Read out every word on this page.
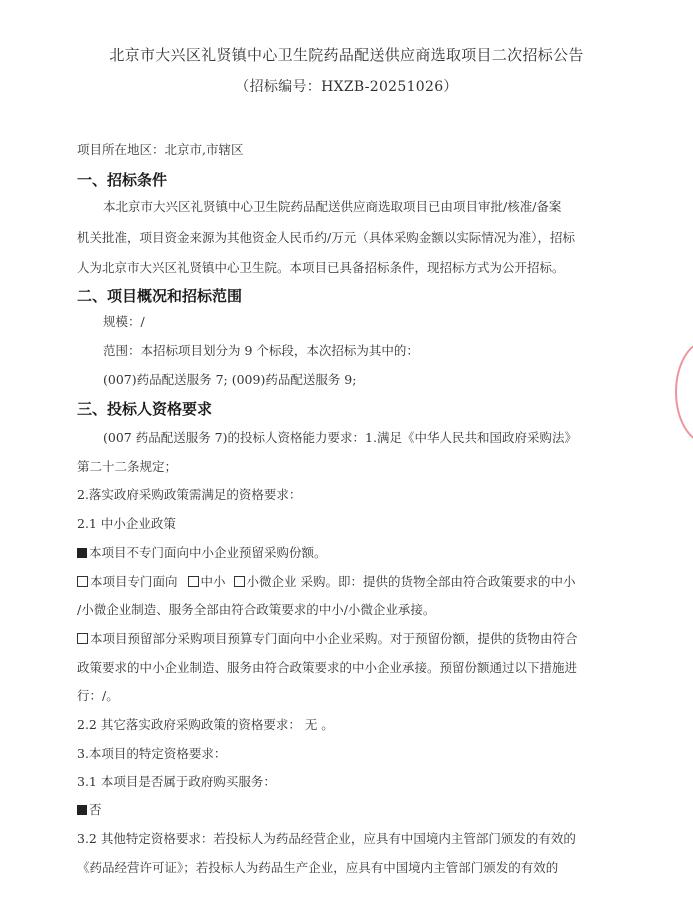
北京市大兴区礼贤镇中心卫生院药品配送供应商选取项目二次招标公告
（招标编号：HXZB-20251026）
项目所在地区：北京市,市辖区
一、招标条件
本北京市大兴区礼贤镇中心卫生院药品配送供应商选取项目已由项目审批/核准/备案
机关批准，项目资金来源为其他资金人民币约/万元（具体采购金额以实际情况为准），招标
人为北京市大兴区礼贤镇中心卫生院。本项目已具备招标条件，现招标方式为公开招标。
二、项目概况和招标范围
规模：/
范围：本招标项目划分为 9 个标段，本次招标为其中的：
(007)药品配送服务 7; (009)药品配送服务 9;
三、投标人资格要求
(007 药品配送服务 7)的投标人资格能力要求：1.满足《中华人民共和国政府采购法》
第二十二条规定；
2.落实政府采购政策需满足的资格要求：
2.1 中小企业政策
本项目不专门面向中小企业预留采购份额。
本项目专门面向 中小 小微企业 采购。即：提供的货物全部由符合政策要求的中小
/小微企业制造、服务全部由符合政策要求的中小/小微企业承接。
本项目预留部分采购项目预算专门面向中小企业采购。对于预留份额，提供的货物由符合
政策要求的中小企业制造、服务由符合政策要求的中小企业承接。预留份额通过以下措施进
行：/。
2.2 其它落实政府采购政策的资格要求： 无 。
3.本项目的特定资格要求：
3.1 本项目是否属于政府购买服务：
否
3.2 其他特定资格要求：若投标人为药品经营企业，应具有中国境内主管部门颁发的有效的
《药品经营许可证》；若投标人为药品生产企业，应具有中国境内主管部门颁发的有效的
